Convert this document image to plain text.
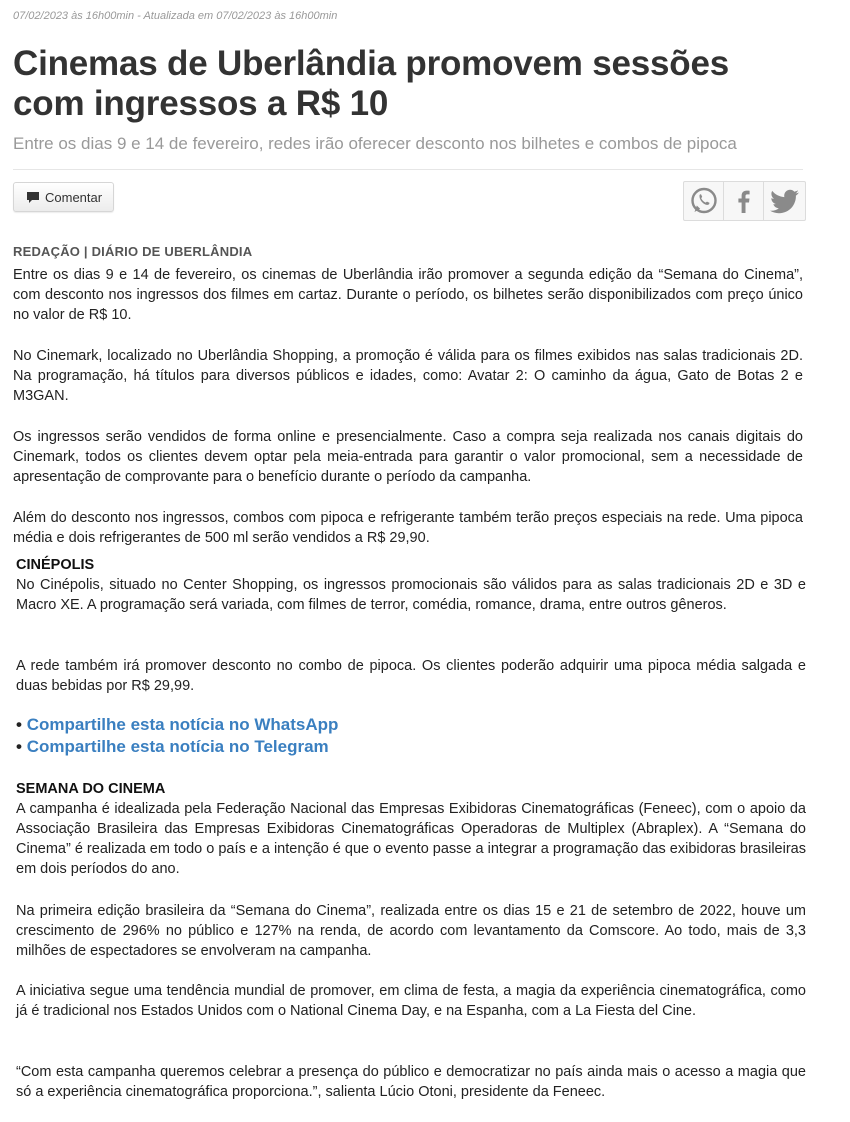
07/02/2023 às 16h00min - Atualizada em 07/02/2023 às 16h00min
Cinemas de Uberlândia promovem sessões com ingressos a R$ 10

Entre os dias 9 e 14 de fevereiro, redes irão oferecer desconto nos bilhetes e combos de pipoca

Comentar
REDAÇÃO | DIÁRIO DE UBERLÂNDIA

Entre os dias 9 e 14 de fevereiro, os cinemas de Uberlândia irão promover a segunda edição da “Semana do Cinema”, com desconto nos ingressos dos filmes em cartaz. Durante o período, os bilhetes serão disponibilizados com preço único no valor de R$ 10.

No Cinemark, localizado no Uberlândia Shopping, a promoção é válida para os filmes exibidos nas salas tradicionais 2D. Na programação, há títulos para diversos públicos e idades, como: Avatar 2: O caminho da água, Gato de Botas 2 e M3GAN.

Os ingressos serão vendidos de forma online e presencialmente. Caso a compra seja realizada nos canais digitais do Cinemark, todos os clientes devem optar pela meia-entrada para garantir o valor promocional, sem a necessidade de apresentação de comprovante para o benefício durante o período da campanha.

Além do desconto nos ingressos, combos com pipoca e refrigerante também terão preços especiais na rede. Uma pipoca média e dois refrigerantes de 500 ml serão vendidos a R$ 29,90.

CINÉPOLIS

No Cinépolis, situado no Center Shopping, os ingressos promocionais são válidos para as salas tradicionais 2D e 3D e Macro XE. A programação será variada, com filmes de terror, comédia, romance, drama, entre outros gêneros.

A rede também irá promover desconto no combo de pipoca. Os clientes poderão adquirir uma pipoca média salgada e duas bebidas por R$ 29,99.

• Compartilhe esta notícia no WhatsApp
• Compartilhe esta notícia no Telegram
SEMANA DO CINEMA

A campanha é idealizada pela Federação Nacional das Empresas Exibidoras Cinematográficas (Feneec), com o apoio da Associação Brasileira das Empresas Exibidoras Cinematográficas Operadoras de Multiplex (Abraplex). A “Semana do Cinema” é realizada em todo o país e a intenção é que o evento passe a integrar a programação das exibidoras brasileiras em dois períodos do ano.

Na primeira edição brasileira da “Semana do Cinema”, realizada entre os dias 15 e 21 de setembro de 2022, houve um crescimento de 296% no público e 127% na renda, de acordo com levantamento da Comscore. Ao todo, mais de 3,3 milhões de espectadores se envolveram na campanha.

A iniciativa segue uma tendência mundial de promover, em clima de festa, a magia da experiência cinematográfica, como já é tradicional nos Estados Unidos com o National Cinema Day, e na Espanha, com a La Fiesta del Cine.

“Com esta campanha queremos celebrar a presença do público e democratizar no país ainda mais o acesso a magia que só a experiência cinematográfica proporciona.”, salienta Lúcio Otoni, presidente da Feneec.
